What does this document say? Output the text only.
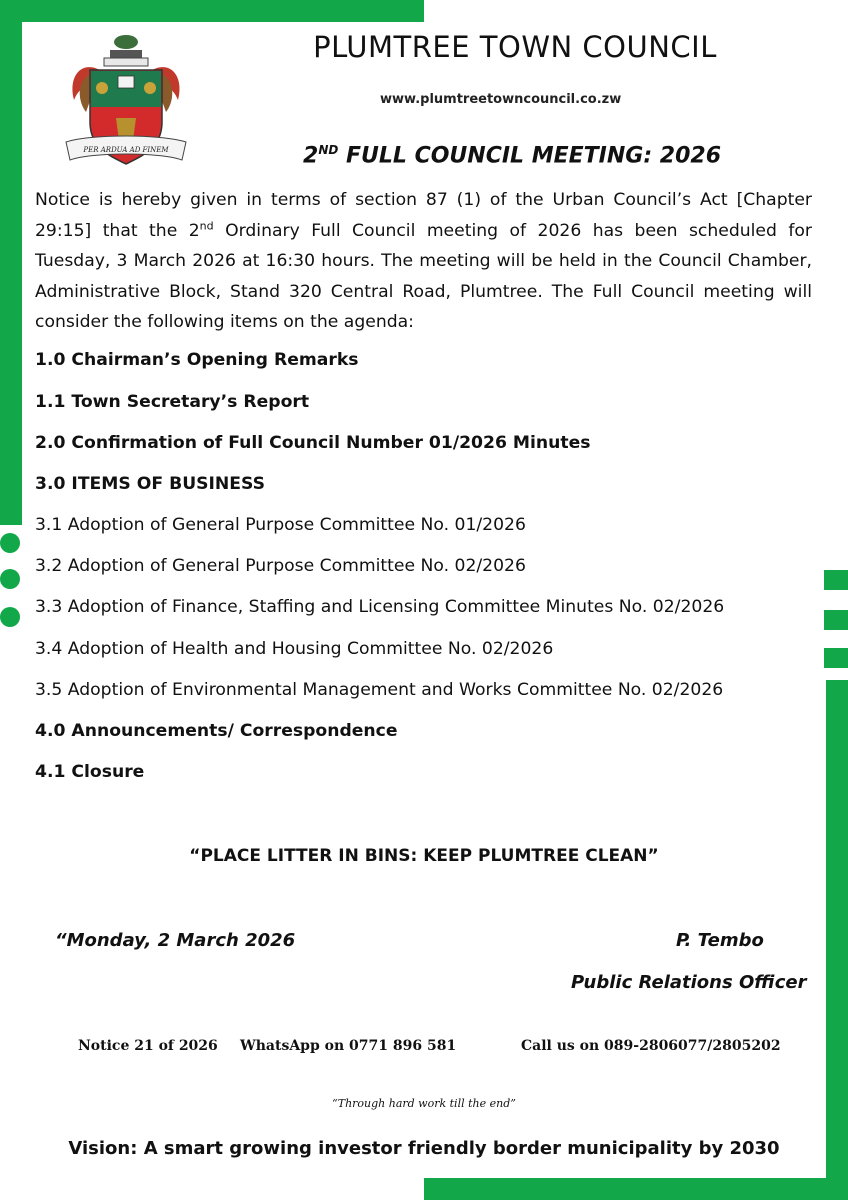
PER ARDUA AD FINEM
PLUMTREE TOWN COUNCIL
www.plumtreetowncouncil.co.zw
2ND FULL COUNCIL MEETING: 2026
Notice is hereby given in terms of section 87 (1) of the Urban Council’s Act [Chapter 29:15] that the 2nd Ordinary Full Council meeting of 2026 has been scheduled for Tuesday, 3 March 2026 at 16:30 hours. The meeting will be held in the Council Chamber, Administrative Block, Stand 320 Central Road, Plumtree. The Full Council meeting will consider the following items on the agenda:
1.0 Chairman’s Opening Remarks
1.1 Town Secretary’s Report
2.0 Confirmation of Full Council Number 01/2026 Minutes
3.0 ITEMS OF BUSINESS
3.1 Adoption of General Purpose Committee No. 01/2026
3.2 Adoption of General Purpose Committee No. 02/2026
3.3 Adoption of Finance, Staffing and Licensing Committee Minutes No. 02/2026
3.4 Adoption of Health and Housing Committee No. 02/2026
3.5 Adoption of Environmental Management and Works Committee No. 02/2026
4.0 Announcements/ Correspondence
4.1 Closure
“PLACE LITTER IN BINS: KEEP PLUMTREE CLEAN”
“Monday, 2 March 2026	P. Tembo
Public Relations Officer
Notice 21 of 2026 WhatsApp on 0771 896 581	Call us on 089-2806077/2805202
“Through hard work till the end”
Vision: A smart growing investor friendly border municipality by 2030
